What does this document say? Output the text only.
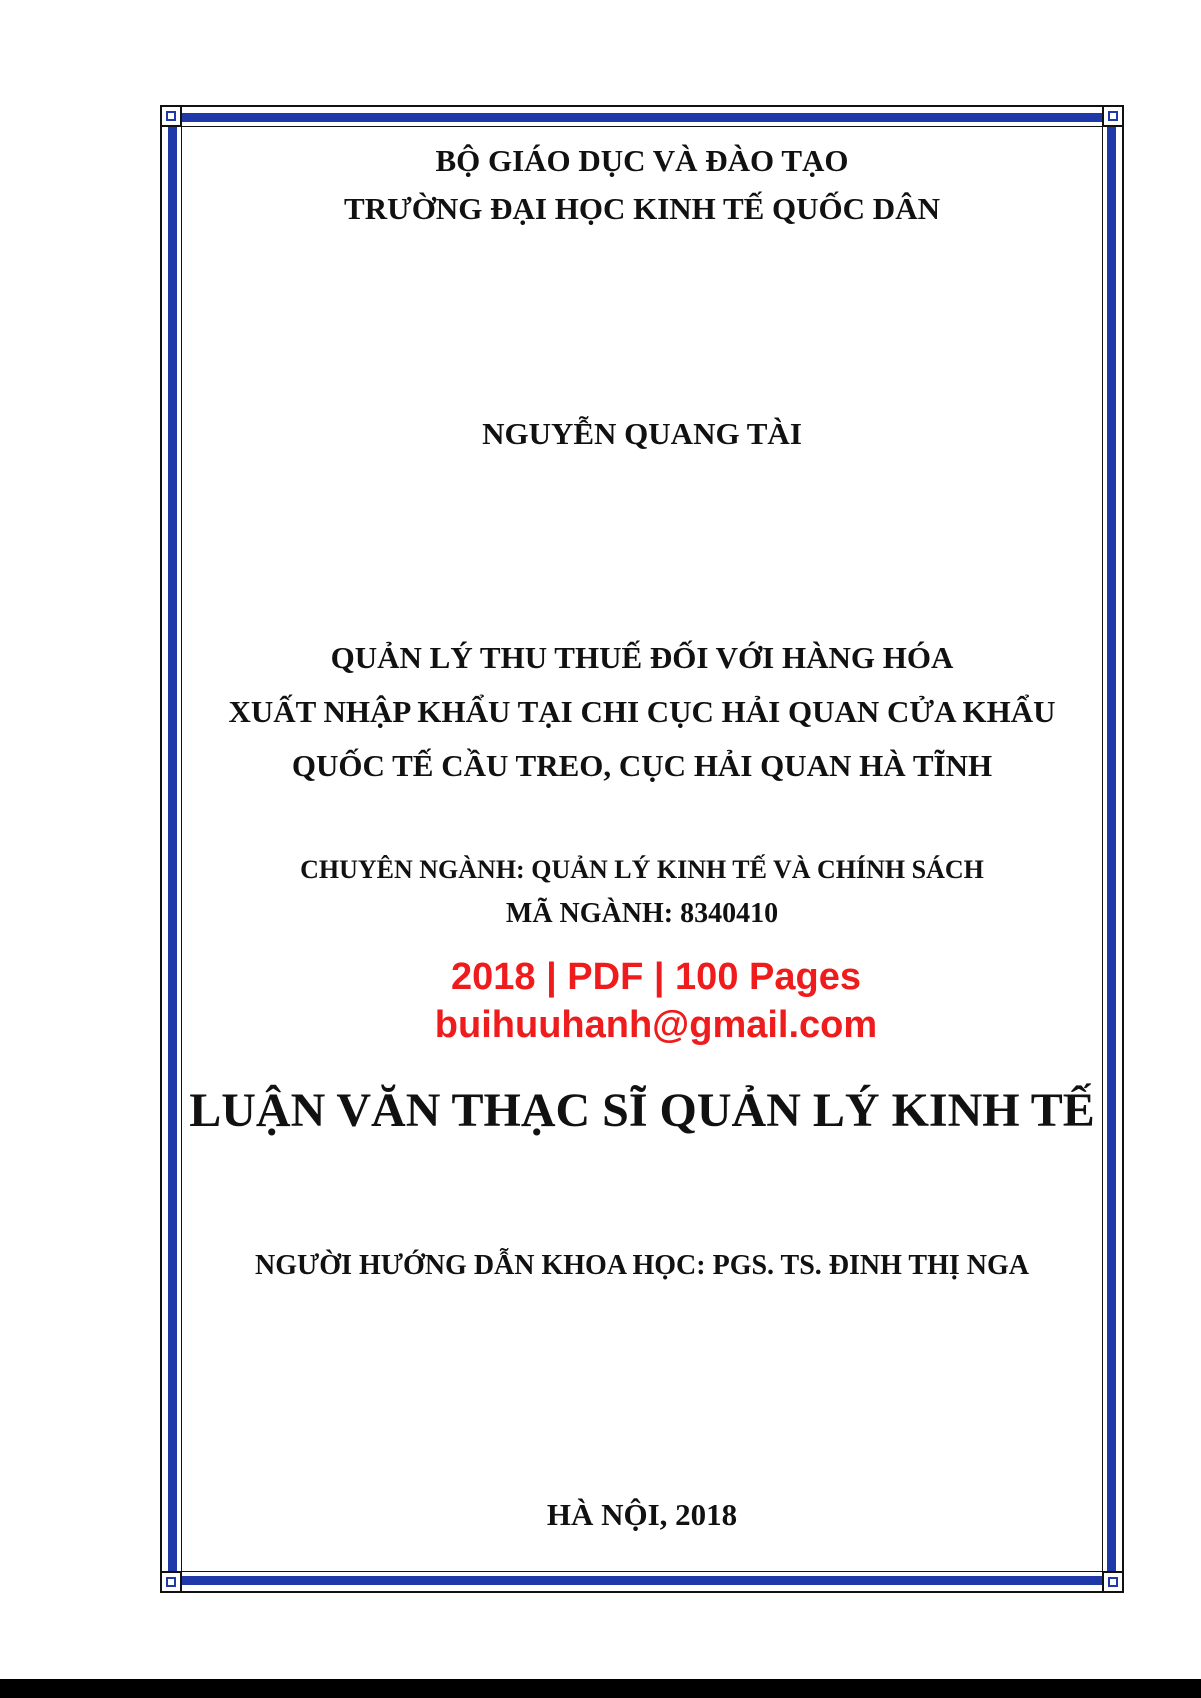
BỘ GIÁO DỤC VÀ ĐÀO TẠO
TRƯỜNG ĐẠI HỌC KINH TẾ QUỐC DÂN
NGUYỄN QUANG TÀI
QUẢN LÝ THU THUẾ ĐỐI VỚI HÀNG HÓA
XUẤT NHẬP KHẨU TẠI CHI CỤC HẢI QUAN CỬA KHẨU
QUỐC TẾ CẦU TREO, CỤC HẢI QUAN HÀ TĨNH
CHUYÊN NGÀNH: QUẢN LÝ KINH TẾ VÀ CHÍNH SÁCH
MÃ NGÀNH: 8340410
2018 | PDF | 100 Pages
buihuuhanh@gmail.com
LUẬN VĂN THẠC SĨ QUẢN LÝ KINH TẾ
NGƯỜI HƯỚNG DẪN KHOA HỌC: PGS. TS. ĐINH THỊ NGA
HÀ NỘI, 2018
